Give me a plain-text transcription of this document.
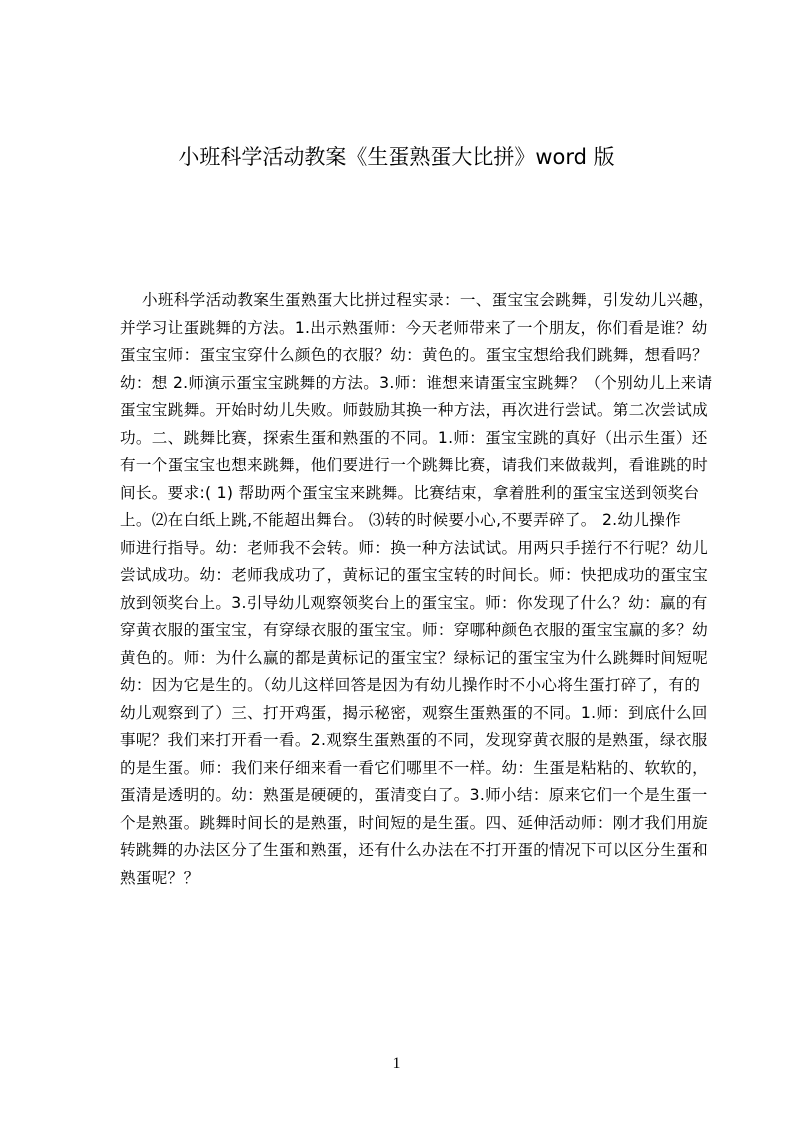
小班科学活动教案《生蛋熟蛋大比拼》word 版
小班科学活动教案生蛋熟蛋大比拼过程实录：一、蛋宝宝会跳舞，引发幼儿兴趣，
并学习让蛋跳舞的方法。1.出示熟蛋师：今天老师带来了一个朋友，你们看是谁？幼
蛋宝宝师：蛋宝宝穿什么颜色的衣服？幼：黄色的。蛋宝宝想给我们跳舞，想看吗？
幼：想 2.师演示蛋宝宝跳舞的方法。3.师：谁想来请蛋宝宝跳舞？（个别幼儿上来请
蛋宝宝跳舞。开始时幼儿失败。师鼓励其换一种方法，再次进行尝试。第二次尝试成
功。二、跳舞比赛，探索生蛋和熟蛋的不同。1.师：蛋宝宝跳的真好（出示生蛋）还
有一个蛋宝宝也想来跳舞，他们要进行一个跳舞比赛，请我们来做裁判，看谁跳的时
间长。要求:( 1) 帮助两个蛋宝宝来跳舞。比赛结束，拿着胜利的蛋宝宝送到领奖台
上。⑵在白纸上跳,不能超出舞台。 ⑶转的时候要小心,不要弄碎了。 2.幼儿操作
师进行指导。幼：老师我不会转。师：换一种方法试试。用两只手搓行不行呢？幼儿
尝试成功。幼：老师我成功了，黄标记的蛋宝宝转的时间长。师：快把成功的蛋宝宝
放到领奖台上。3.引导幼儿观察领奖台上的蛋宝宝。师：你发现了什么？幼：赢的有
穿黄衣服的蛋宝宝，有穿绿衣服的蛋宝宝。师：穿哪种颜色衣服的蛋宝宝赢的多？幼
黄色的。师：为什么赢的都是黄标记的蛋宝宝？绿标记的蛋宝宝为什么跳舞时间短呢
幼：因为它是生的。（幼儿这样回答是因为有幼儿操作时不小心将生蛋打碎了，有的
幼儿观察到了）三、打开鸡蛋，揭示秘密，观察生蛋熟蛋的不同。1.师：到底什么回
事呢？我们来打开看一看。2.观察生蛋熟蛋的不同，发现穿黄衣服的是熟蛋，绿衣服
的是生蛋。师：我们来仔细来看一看它们哪里不一样。幼：生蛋是粘粘的、软软的，
蛋清是透明的。幼：熟蛋是硬硬的，蛋清变白了。3.师小结：原来它们一个是生蛋一
个是熟蛋。跳舞时间长的是熟蛋，时间短的是生蛋。四、延伸活动师：刚才我们用旋
转跳舞的办法区分了生蛋和熟蛋，还有什么办法在不打开蛋的情况下可以区分生蛋和
熟蛋呢？？
1
